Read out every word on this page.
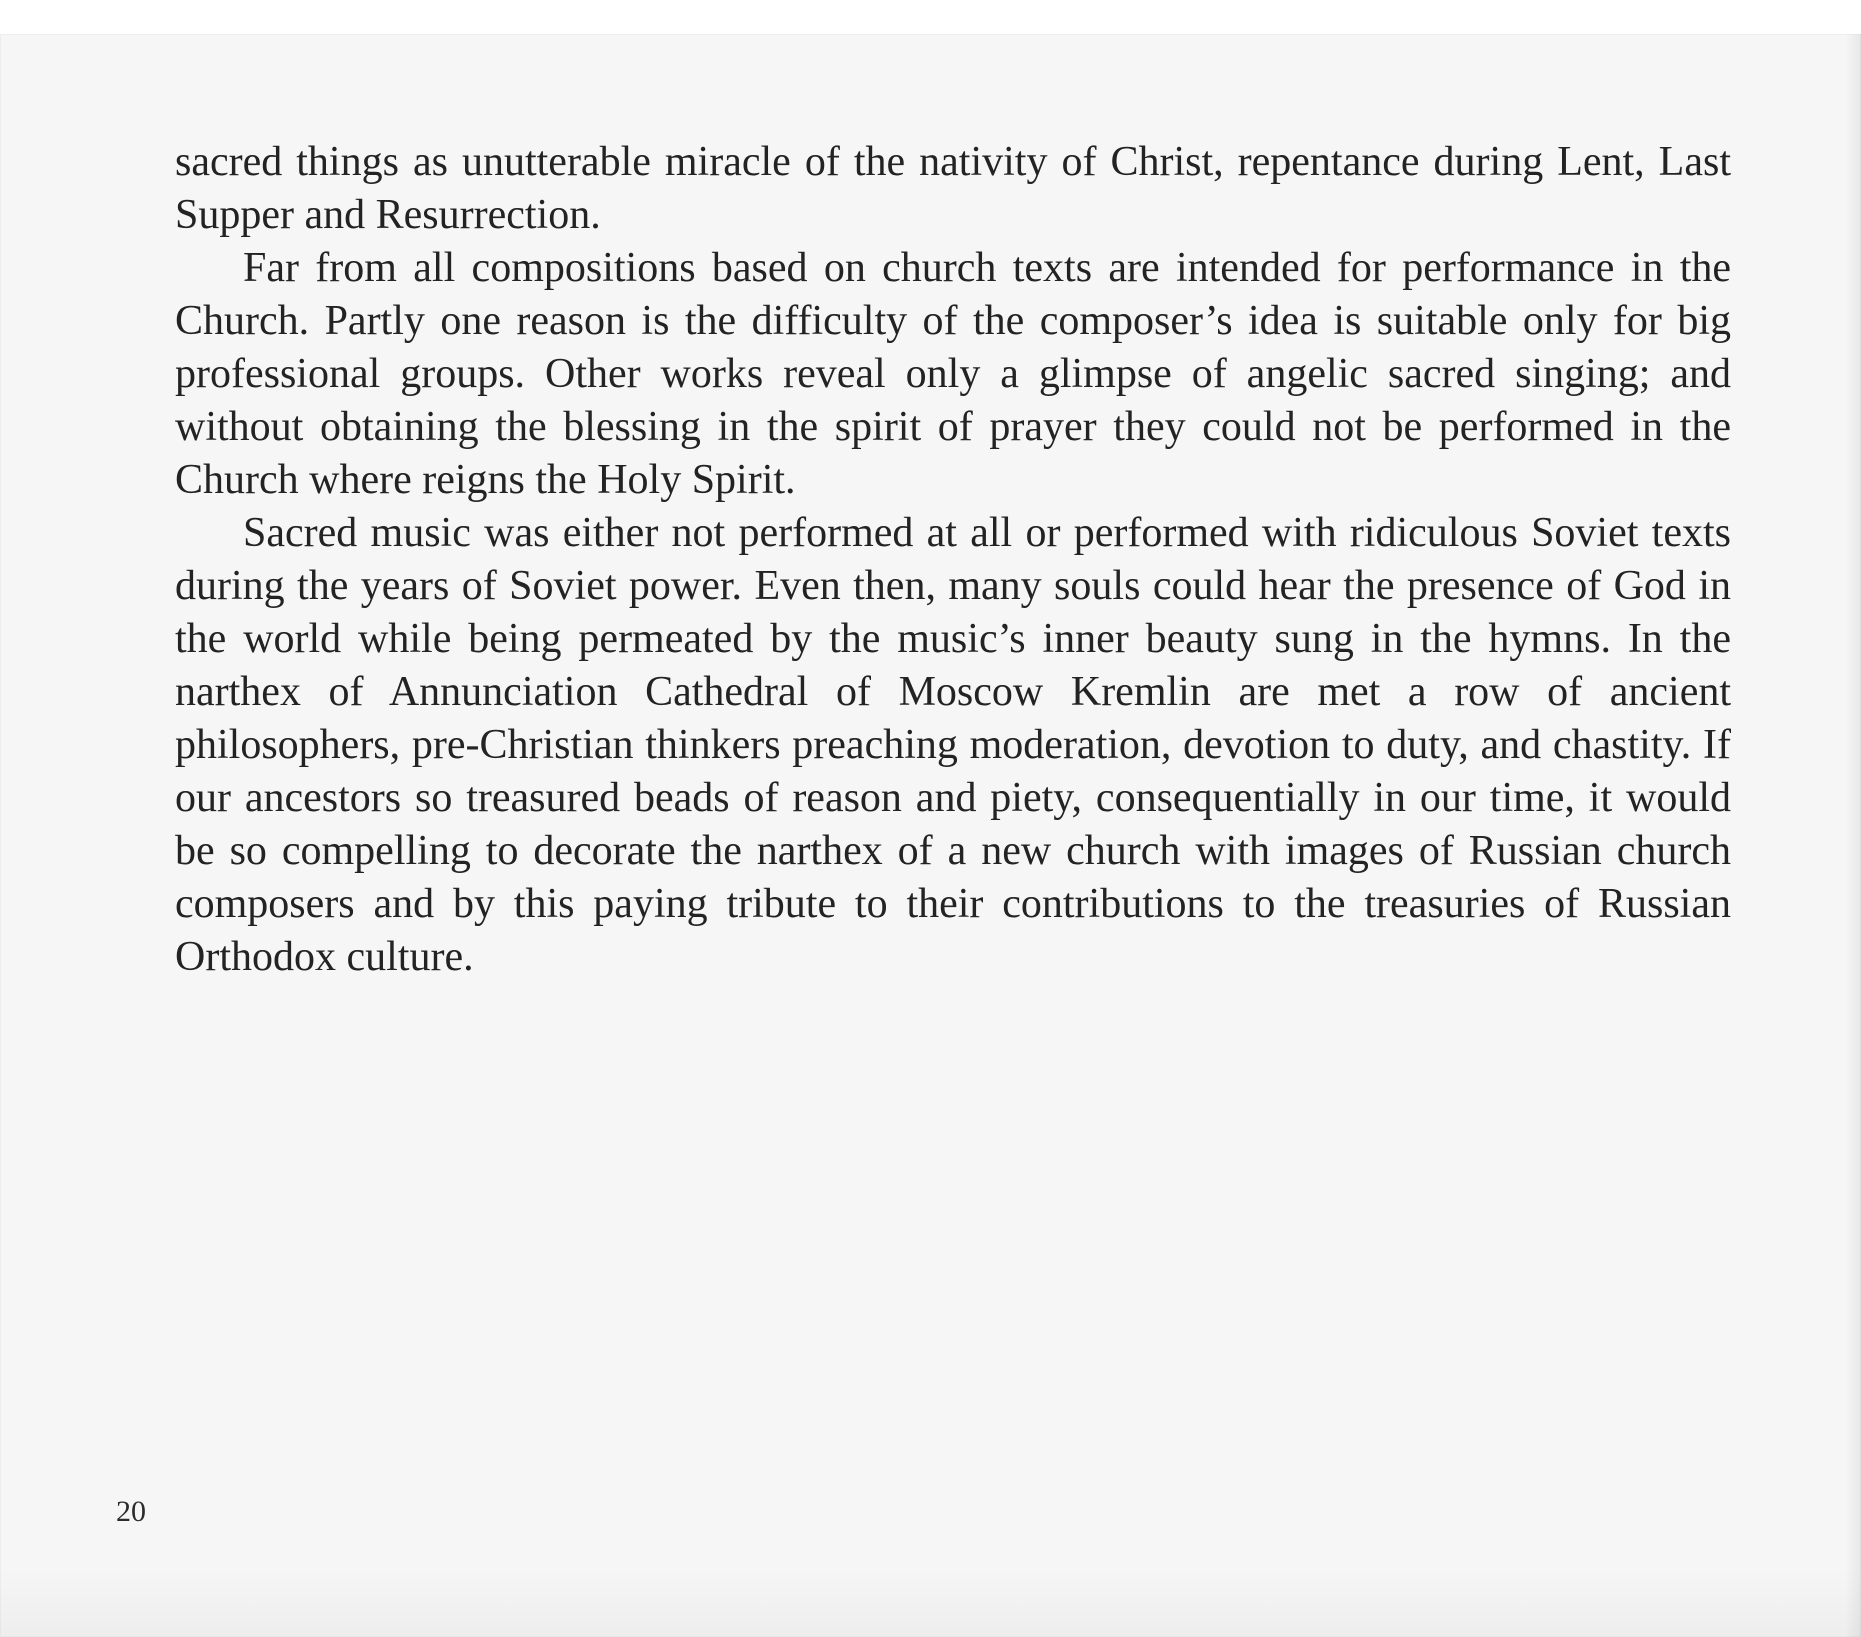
sacred things as unutterable miracle of the nativity of Christ, repentance during Lent, Last Supper and Resurrection.

Far from all compositions based on church texts are intended for performance in the Church. Partly one reason is the difficulty of the composer’s idea is suitable only for big professional groups. Other works reveal only a glimpse of angelic sacred singing; and without obtaining the blessing in the spirit of prayer they could not be performed in the Church where reigns the Holy Spirit.

Sacred music was either not performed at all or performed with ridiculous Soviet texts during the years of Soviet power. Even then, many souls could hear the presence of God in the world while being permeated by the music’s inner beauty sung in the hymns. In the narthex of Annunciation Cathedral of Moscow Kremlin are met a row of ancient philosophers, pre-Christian thinkers preaching moderation, devotion to duty, and chastity. If our ancestors so treasured beads of reason and piety, consequentially in our time, it would be so compelling to decorate the narthex of a new church with images of Russian church composers and by this paying tribute to their contributions to the treasuries of Russian Orthodox culture.

20
